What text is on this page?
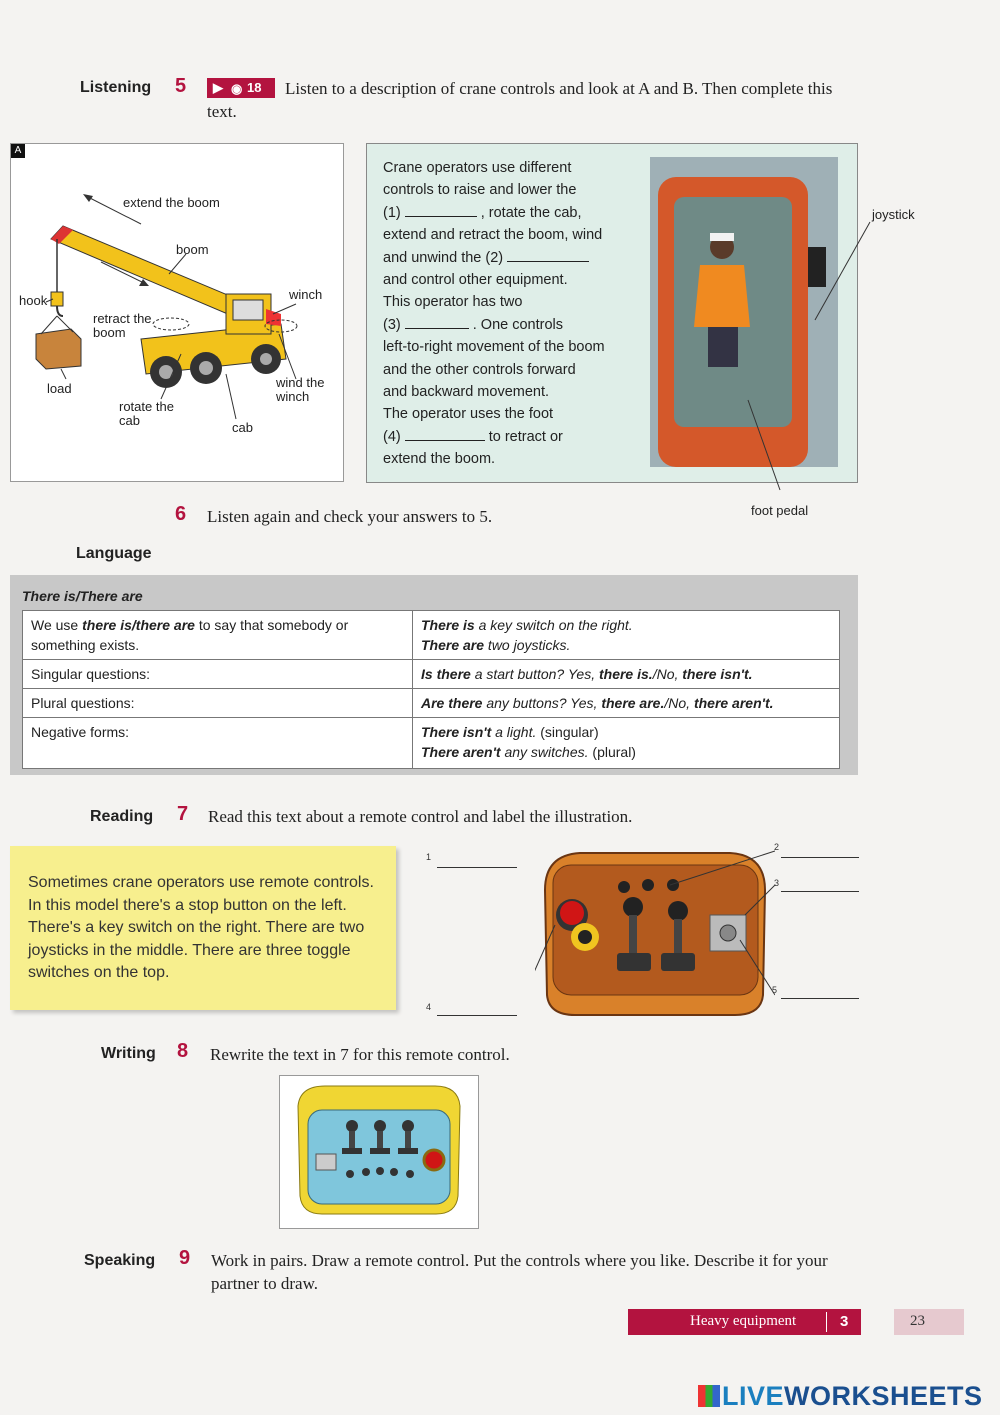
Listening 5 ▶ ◉ 18	Listen to a description of crane controls and look at A and B. Then complete this text.
A
extend the boom
boom
winch
hook
retract the boom
load	wind the winch
rotate the cab	cab
Crane operators use different
controls to raise and lower the
(1)	, rotate the cab,
extend and retract the boom, wind
and unwind the (2)
and control other equipment.
This operator has two
(3)	. One controls
left-to-right movement of the boom
and the other controls forward
and backward movement.
The operator uses the foot
(4)	to retract or
extend the boom.
joystick
foot pedal
6 Listen again and check your answers to 5.
Language
There is/There are
We use there is/there are to say that somebody or something exists.	There is a key switch on the right.
There are two joysticks.
Singular questions:	Is there a start button? Yes, there is./No, there isn't.
Plural questions:	Are there any buttons? Yes, there are./No, there aren't.
Negative forms:	There isn't a light. (singular)
There aren't any switches. (plural)
Reading 7 Read this text about a remote control and label the illustration.
Sometimes crane operators use remote controls. In this model there's a stop button on the left. There's a key switch on the right. There are two joysticks in the middle. There are three toggle switches on the top.
1
2
3
4
5
Writing 8 Rewrite the text in 7 for this remote control.
Speaking 9 Work in pairs. Draw a remote control. Put the controls where you like. Describe it for your partner to draw.
Heavy equipment	3	23
LIVEWORKSHEETS
